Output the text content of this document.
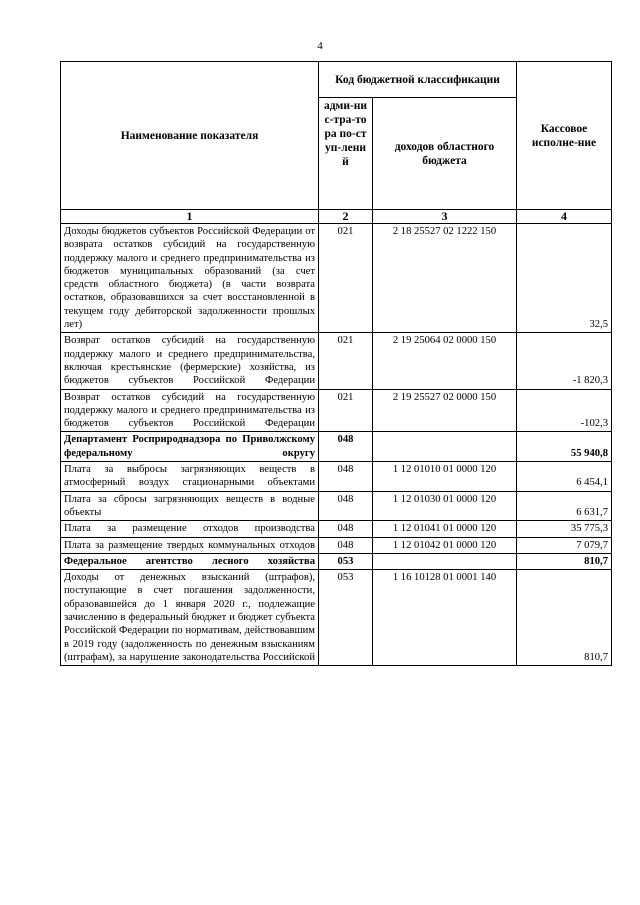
4
Наименование показателя	Код бюджетной классификации		Кассовое исполне-ние
	адми-нис-тра-тора по-ступ-лений	доходов областного бюджета	
1	2	3	4
Доходы бюджетов субъектов Российской Федерации от возврата остатков субсидий на государственную поддержку малого и среднего предпринимательства из бюджетов муниципальных образований (за счет средств областного бюджета) (в части возврата остатков, образовавшихся за счет восстановленной в текущем году дебиторской задолженности прошлых лет)	021	2 18 25527 02 1222 150	32,5
Возврат остатков субсидий на государственную поддержку малого и среднего предпринимательства, включая крестьянские (фермерские) хозяйства, из бюджетов субъектов Российской Федерации	021	2 19 25064 02 0000 150	-1 820,3
Возврат остатков субсидий на государственную поддержку малого и среднего предпринимательства из бюджетов субъектов Российской Федерации	021	2 19 25527 02 0000 150	-102,3
Департамент Росприроднадзора по Приволжскому федеральному округу	048		55 940,8
Плата за выбросы загрязняющих веществ в атмосферный воздух стационарными объектами	048	1 12 01010 01 0000 120	6 454,1
Плата за сбросы загрязняющих веществ в водные объекты	048	1 12 01030 01 0000 120	6 631,7
Плата за размещение отходов производства	048	1 12 01041 01 0000 120	35 775,3
Плата за размещение твердых коммунальных отходов	048	1 12 01042 01 0000 120	7 079,7
Федеральное агентство лесного хозяйства	053		810,7
Доходы от денежных взысканий (штрафов), поступающие в счет погашения задолженности, образовавшейся до 1 января 2020 г., подлежащие зачислению в федеральный бюджет и бюджет субъекта Российской Федерации по нормативам, действовавшим в 2019 году (задолженность по денежным взысканиям (штрафам), за нарушение законодательства Российской	053	1 16 10128 01 0001 140	810,7
